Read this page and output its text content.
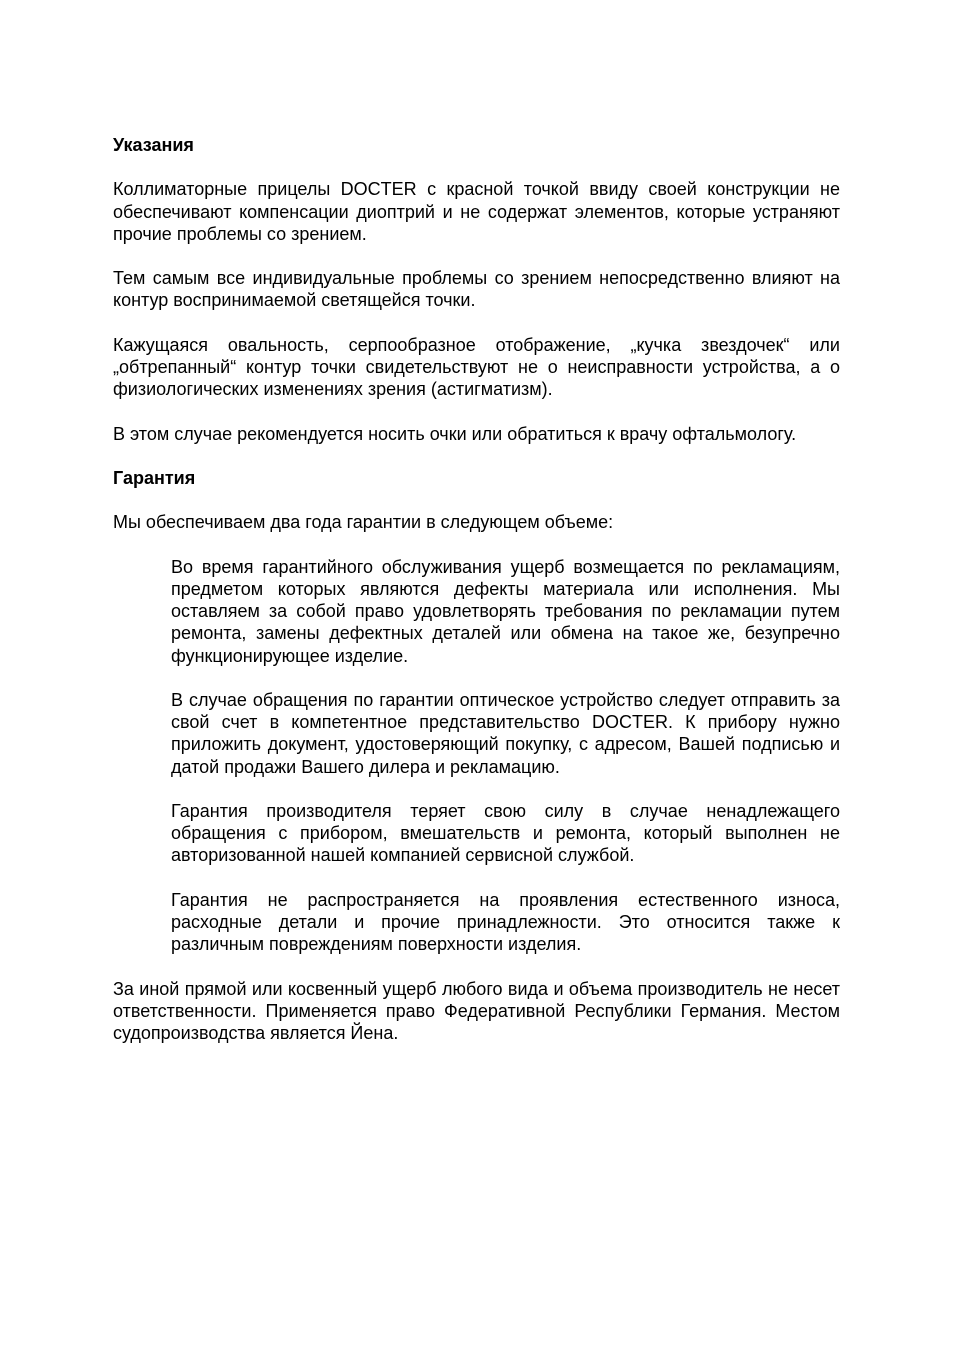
Указания

Коллиматорные прицелы DOCTER с красной точкой ввиду своей конструкции не обеспечивают компенсации диоптрий и не содержат элементов, которые устраняют прочие проблемы со зрением.

Тем самым все индивидуальные проблемы со зрением непосредственно влияют на контур воспринимаемой светящейся точки.

Кажущаяся овальность, серпообразное отображение, „кучка звездочек“ или „обтрепанный“ контур точки свидетельствуют не о неисправности устройства, а о физиологических изменениях зрения (астигматизм).

В этом случае рекомендуется носить очки или обратиться к врачу офтальмологу.

Гарантия

Мы обеспечиваем два года гарантии в следующем объеме:

Во время гарантийного обслуживания ущерб возмещается по рекламациям, предметом которых являются дефекты материала или исполнения. Мы оставляем за собой право удовлетворять требования по рекламации путем ремонта, замены дефектных деталей или обмена на такое же, безупречно функционирующее изделие.

В случае обращения по гарантии оптическое устройство следует отправить за свой счет в компетентное представительство DOCTER. К прибору нужно приложить документ, удостоверяющий покупку, с адресом, Вашей подписью и датой продажи Вашего дилера и рекламацию.

Гарантия производителя теряет свою силу в случае ненадлежащего обращения с прибором, вмешательств и ремонта, который выполнен не авторизованной нашей компанией сервисной службой.

Гарантия не распространяется на проявления естественного износа, расходные детали и прочие принадлежности. Это относится также к различным повреждениям поверхности изделия.

За иной прямой или косвенный ущерб любого вида и объема производитель не несет ответственности. Применяется право Федеративной Республики Германия. Местом судопроизводства является Йена.
